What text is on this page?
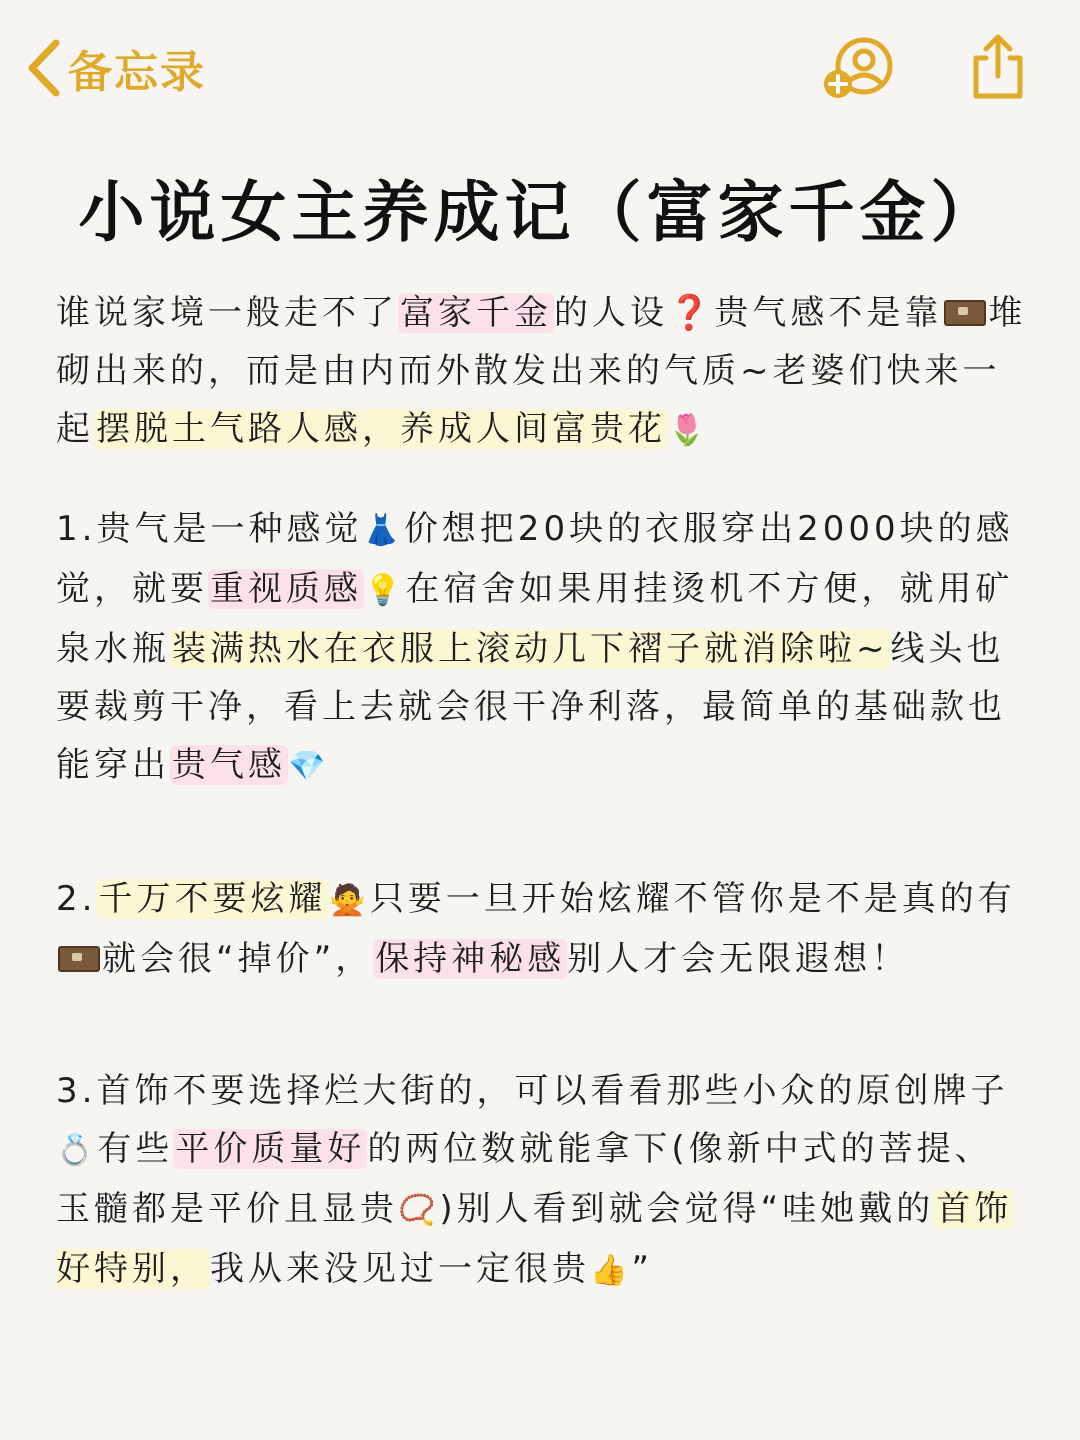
备忘录
小说女主养成记（富家千金）

谁说家境一般走不了富家千金的人设❓贵气感不是靠 堆砌出来的，而是由内而外散发出来的气质~老婆们快来一起摆脱土气路人感，养成人间富贵花🌷

1.贵气是一种感觉👗价想把20块的衣服穿出2000块的感觉，就要重视质感💡在宿舍如果用挂烫机不方便，就用矿泉水瓶装满热水在衣服上滚动几下褶子就消除啦~线头也要裁剪干净，看上去就会很干净利落，最简单的基础款也能穿出贵气感💎

2.千万不要炫耀🙅只要一旦开始炫耀不管你是不是真的有就会很“掉价”，保持神秘感别人才会无限遐想！

3.首饰不要选择烂大街的，可以看看那些小众的原创牌子💍有些平价质量好的两位数就能拿下(像新中式的菩提、玉髓都是平价且显贵📿)别人看到就会觉得“哇她戴的首饰好特别，我从来没见过一定很贵👍”
